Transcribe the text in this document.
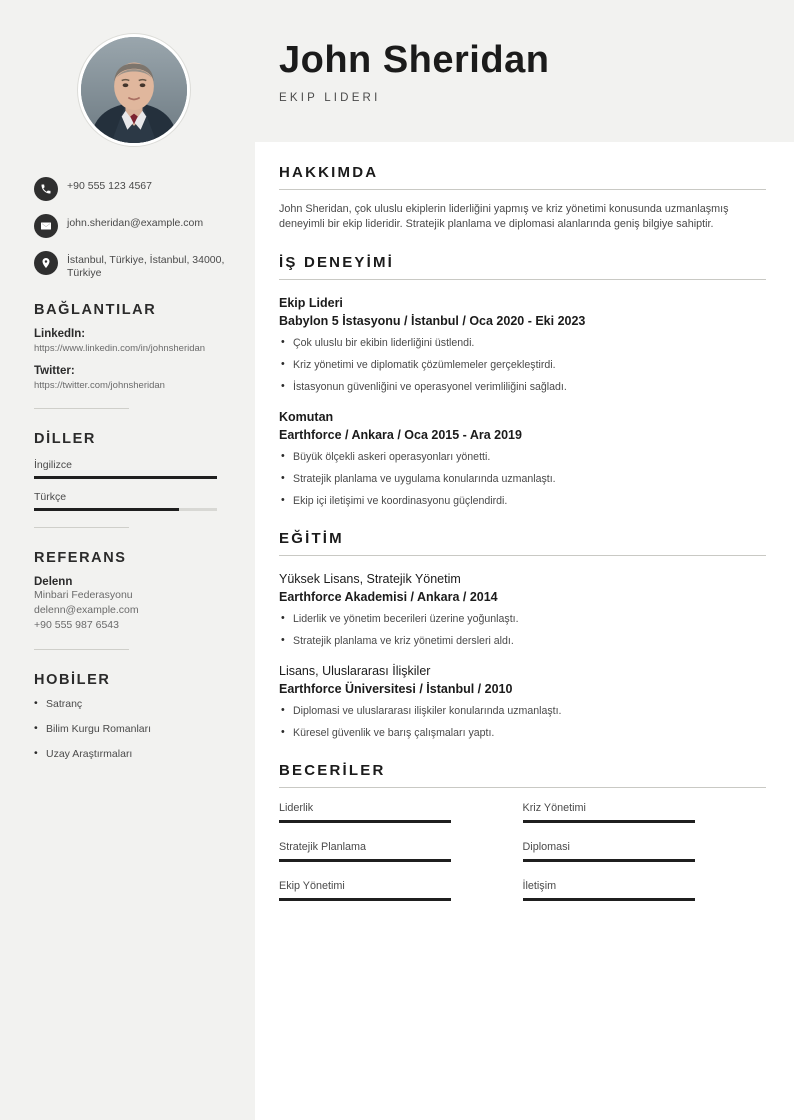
+90 555 123 4567
john.sheridan@example.com
İstanbul, Türkiye, İstanbul, 34000, Türkiye
BAĞLANTILAR
LinkedIn:
https://www.linkedin.com/in/johnsheridan
Twitter:
https://twitter.com/johnsheridan
DİLLER
İngilizce
Türkçe
REFERANS
Delenn
Minbari Federasyonu
delenn@example.com
+90 555 987 6543
HOBİLER
• Satranç
• Bilim Kurgu Romanları
• Uzay Araştırmaları
John Sheridan
EKIP LIDERI
HAKKIMDA

John Sheridan, çok uluslu ekiplerin liderliğini yapmış ve kriz yönetimi konusunda uzmanlaşmış deneyimli bir ekip lideridir. Stratejik planlama ve diplomasi alanlarında geniş bilgiye sahiptir.

İŞ DENEYİMİ
Ekip Lideri
Babylon 5 İstasyonu / İstanbul / Oca 2020 - Eki 2023
• Çok uluslu bir ekibin liderliğini üstlendi.
• Kriz yönetimi ve diplomatik çözümlemeler gerçekleştirdi.
• İstasyonun güvenliğini ve operasyonel verimliliğini sağladı.
Komutan
Earthforce / Ankara / Oca 2015 - Ara 2019
• Büyük ölçekli askeri operasyonları yönetti.
• Stratejik planlama ve uygulama konularında uzmanlaştı.
• Ekip içi iletişimi ve koordinasyonu güçlendirdi.
EĞİTİM
Yüksek Lisans, Stratejik Yönetim
Earthforce Akademisi / Ankara / 2014
• Liderlik ve yönetim becerileri üzerine yoğunlaştı.
• Stratejik planlama ve kriz yönetimi dersleri aldı.
Lisans, Uluslararası İlişkiler
Earthforce Üniversitesi / İstanbul / 2010
• Diplomasi ve uluslararası ilişkiler konularında uzmanlaştı.
• Küresel güvenlik ve barış çalışmaları yaptı.
BECERİLER
Liderlik	Kriz Yönetimi
Stratejik Planlama	Diplomasi
Ekip Yönetimi	İletişim
